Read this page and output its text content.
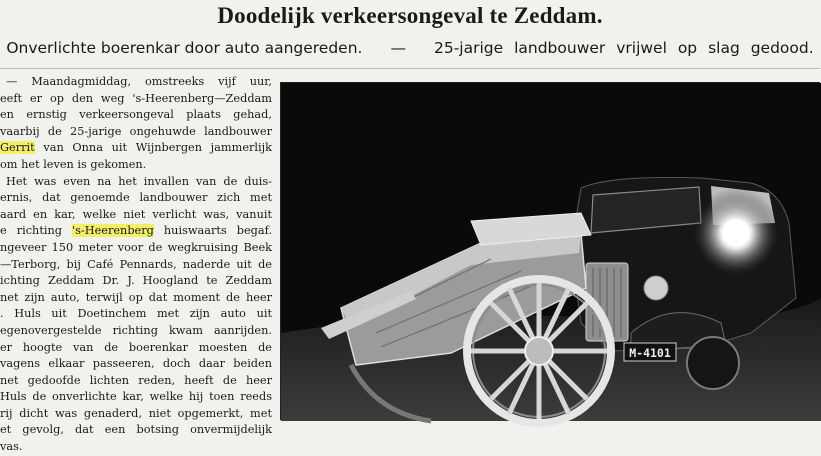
Doodelijk verkeersongeval te Zeddam.
Onverlichte boerenkar door auto aangereden. — 25-jarige landbouwer vrijwel op slag gedood.
— Maandagmiddag, omstreeks vijf uur,
eeft er op den weg 's-Heerenberg—Zeddam
en ernstig verkeersongeval plaats gehad,
vaarbij de 25-jarige ongehuwde landbouwer
Gerrit van Onna uit Wijnbergen jammerlijk
om het leven is gekomen.
Het was even na het invallen van de duis-
ernis, dat genoemde landbouwer zich met
aard en kar, welke niet verlicht was, vanuit
e richting 's-Heerenberg huiswaarts begaf.
ngeveer 150 meter voor de wegkruising Beek
—Terborg, bij Café Pennards, naderde uit de
ichting Zeddam Dr. J. Hoogland te Zeddam
net zijn auto, terwijl op dat moment de heer
. Huls uit Doetinchem met zijn auto uit
egenovergestelde richting kwam aanrijden.
er hoogte van de boerenkar moesten de
vagens elkaar passeeren, doch daar beiden
net gedoofde lichten reden, heeft de heer
Huls de onverlichte kar, welke hij toen reeds
rij dicht was genaderd, niet opgemerkt, met
et gevolg, dat een botsing onvermijdelijk
vas.
M-4101
